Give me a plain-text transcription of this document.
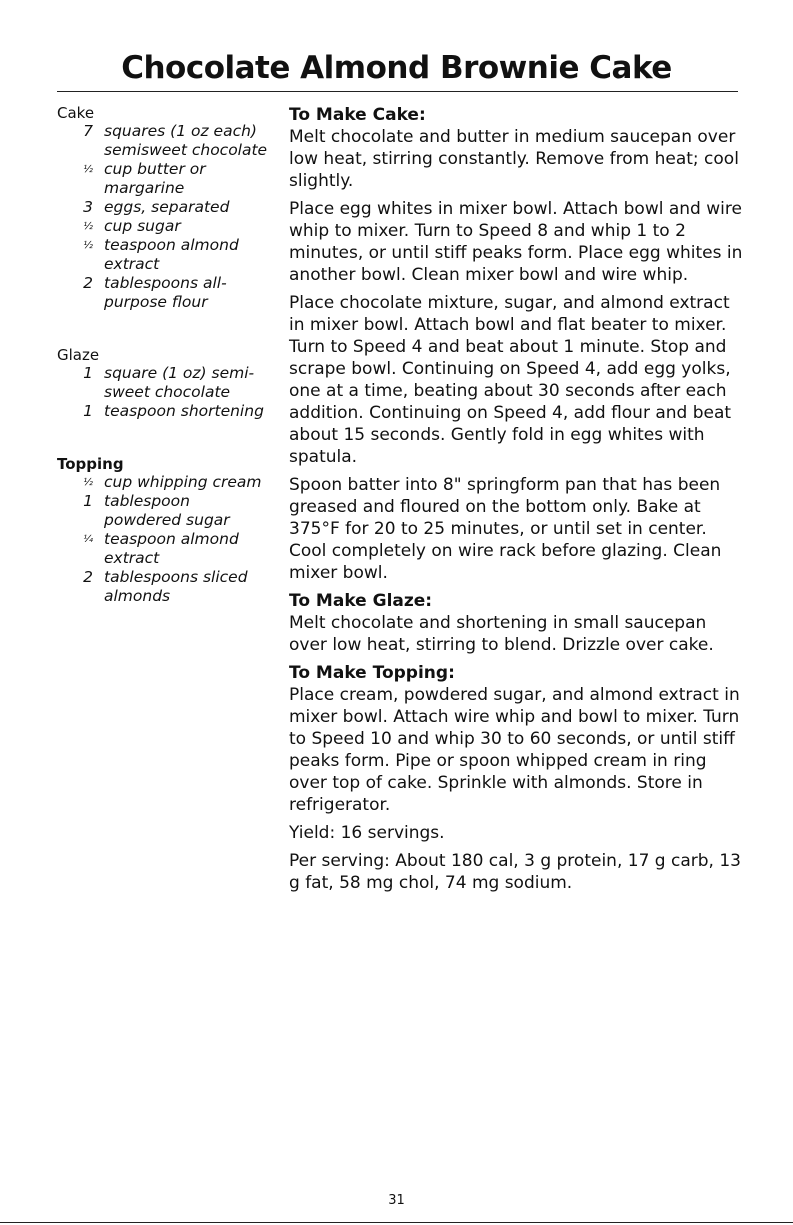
Chocolate Almond Brownie Cake

Cake

7 squares (1 oz each) semisweet chocolate
½ cup butter or margarine
3 eggs, separated
½ cup sugar
½ teaspoon almond extract
2 tablespoons all-purpose flour

Glaze

1 square (1 oz) semi-sweet chocolate
1 teaspoon shortening

Topping

½ cup whipping cream
1 tablespoon powdered sugar
¼ teaspoon almond extract
2 tablespoons sliced almonds

To Make Cake:

Melt chocolate and butter in medium saucepan over low heat, stirring constantly. Remove from heat; cool slightly.

Place egg whites in mixer bowl. Attach bowl and wire whip to mixer. Turn to Speed 8 and whip 1 to 2 minutes, or until stiff peaks form. Place egg whites in another bowl. Clean mixer bowl and wire whip.

Place chocolate mixture, sugar, and almond extract in mixer bowl. Attach bowl and flat beater to mixer. Turn to Speed 4 and beat about 1 minute. Stop and scrape bowl. Continuing on Speed 4, add egg yolks, one at a time, beating about 30 seconds after each addition. Continuing on Speed 4, add flour and beat about 15 seconds. Gently fold in egg whites with spatula.

Spoon batter into 8" springform pan that has been greased and floured on the bottom only. Bake at 375°F for 20 to 25 minutes, or until set in center. Cool completely on wire rack before glazing. Clean mixer bowl.

To Make Glaze:

Melt chocolate and shortening in small saucepan over low heat, stirring to blend. Drizzle over cake.

To Make Topping:

Place cream, powdered sugar, and almond extract in mixer bowl. Attach wire whip and bowl to mixer. Turn to Speed 10 and whip 30 to 60 seconds, or until stiff peaks form. Pipe or spoon whipped cream in ring over top of cake. Sprinkle with almonds. Store in refrigerator.

Yield: 16 servings.

Per serving: About 180 cal, 3 g protein, 17 g carb, 13 g fat, 58 mg chol, 74 mg sodium.

31
